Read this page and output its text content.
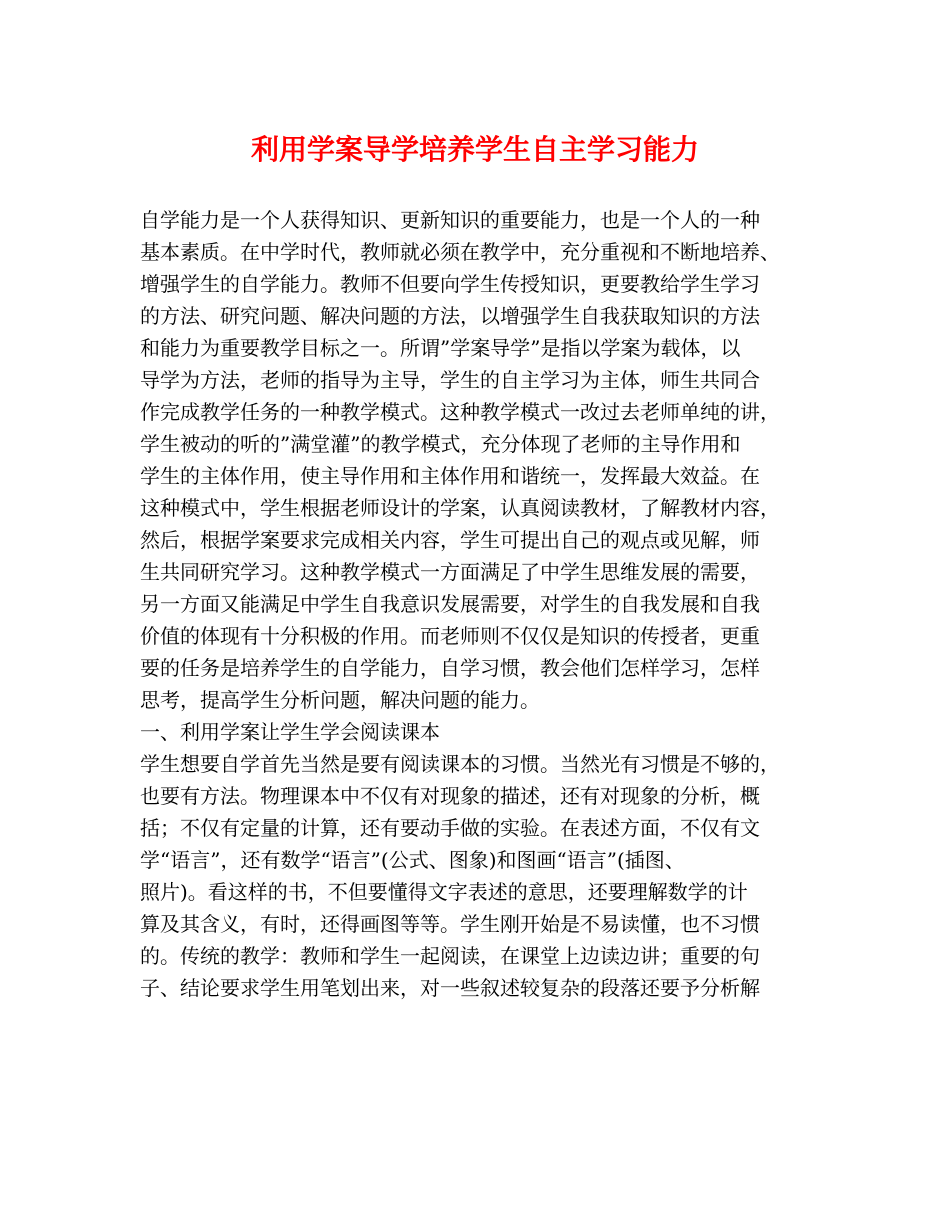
利用学案导学培养学生自主学习能力
自学能力是一个人获得知识、更新知识的重要能力，也是一个人的一种
基本素质。在中学时代，教师就必须在教学中，充分重视和不断地培养、
增强学生的自学能力。教师不但要向学生传授知识，更要教给学生学习
的方法、研究问题、解决问题的方法，以增强学生自我获取知识的方法
和能力为重要教学目标之一。所谓”学案导学”是指以学案为载体，以
导学为方法，老师的指导为主导，学生的自主学习为主体，师生共同合
作完成教学任务的一种教学模式。这种教学模式一改过去老师单纯的讲，
学生被动的听的”满堂灌”的教学模式，充分体现了老师的主导作用和
学生的主体作用，使主导作用和主体作用和谐统一，发挥最大效益。在
这种模式中，学生根据老师设计的学案，认真阅读教材，了解教材内容，
然后，根据学案要求完成相关内容，学生可提出自己的观点或见解，师
生共同研究学习。这种教学模式一方面满足了中学生思维发展的需要，
另一方面又能满足中学生自我意识发展需要，对学生的自我发展和自我
价值的体现有十分积极的作用。而老师则不仅仅是知识的传授者，更重
要的任务是培养学生的自学能力，自学习惯，教会他们怎样学习，怎样
思考，提高学生分析问题，解决问题的能力。
一、利用学案让学生学会阅读课本
学生想要自学首先当然是要有阅读课本的习惯。当然光有习惯是不够的，
也要有方法。物理课本中不仅有对现象的描述，还有对现象的分析，概
括；不仅有定量的计算，还有要动手做的实验。在表述方面，不仅有文
学“语言”，还有数学“语言”(公式、图象)和图画“语言”(插图、
照片)。看这样的书，不但要懂得文字表述的意思，还要理解数学的计
算及其含义，有时，还得画图等等。学生刚开始是不易读懂，也不习惯
的。传统的教学：教师和学生一起阅读，在课堂上边读边讲；重要的句
子、结论要求学生用笔划出来，对一些叙述较复杂的段落还要予分析解
